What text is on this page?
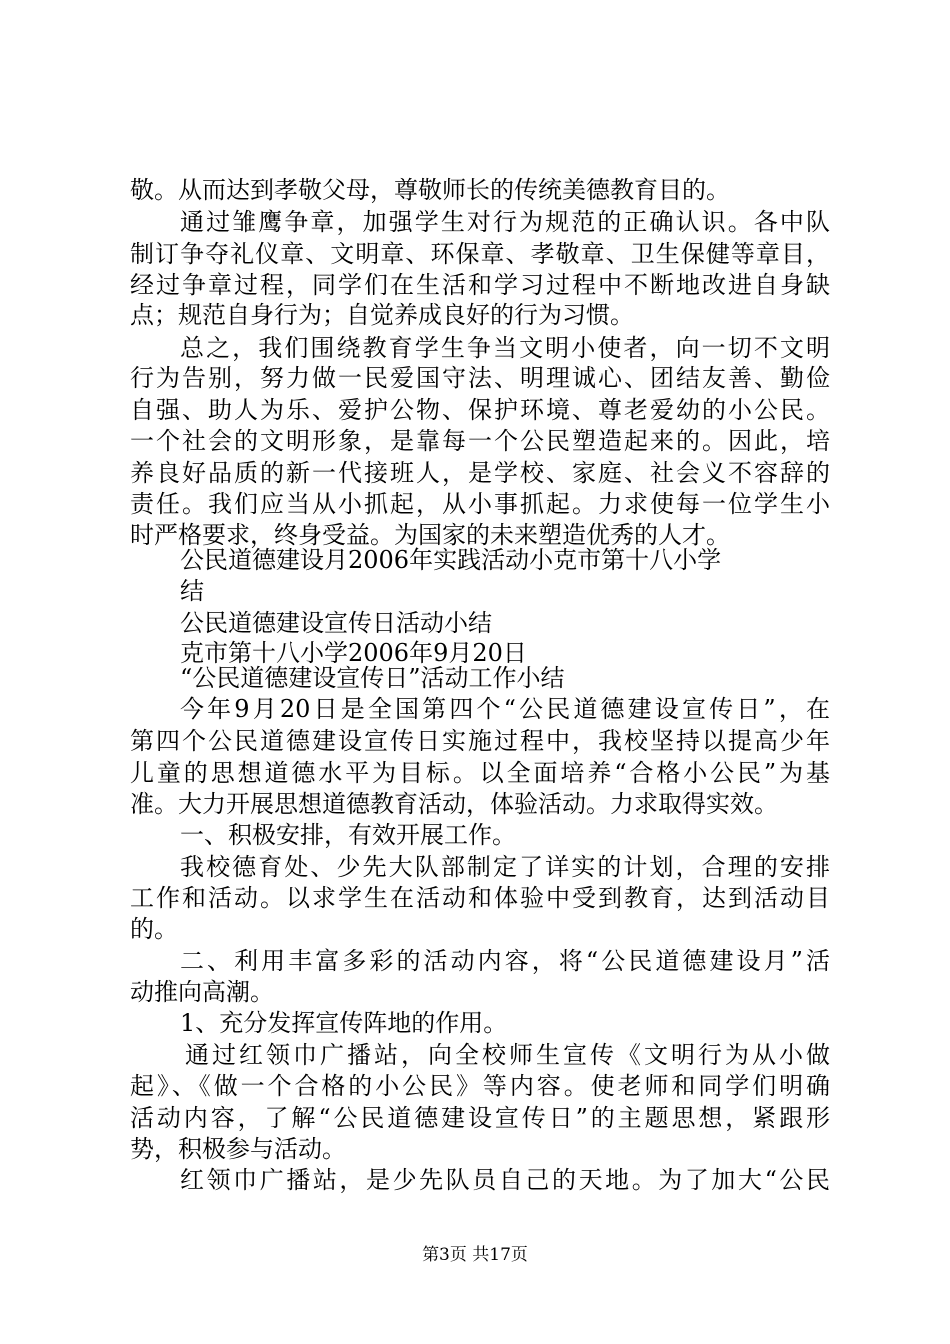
敬。从而达到孝敬父母，尊敬师长的传统美德教育目的。
通过雏鹰争章，加强学生对行为规范的正确认识。各中队
制订争夺礼仪章、文明章、环保章、孝敬章、卫生保健等章目，
经过争章过程，同学们在生活和学习过程中不断地改进自身缺
点；规范自身行为；自觉养成良好的行为习惯。
总之，我们围绕教育学生争当文明小使者，向一切不文明
行为告别，努力做一民爱国守法、明理诚心、团结友善、勤俭
自强、助人为乐、爱护公物、保护环境、尊老爱幼的小公民。
一个社会的文明形象，是靠每一个公民塑造起来的。因此，培
养良好品质的新一代接班人，是学校、家庭、社会义不容辞的
责任。我们应当从小抓起，从小事抓起。力求使每一位学生小
时严格要求，终身受益。为国家的未来塑造优秀的人才。
公民道德建设月2006年实践活动小克市第十八小学
结
公民道德建设宣传日活动小结
克市第十八小学2006年9月20日
“公民道德建设宣传日”活动工作小结
今年9月20日是全国第四个“公民道德建设宣传日”，在
第四个公民道德建设宣传日实施过程中，我校坚持以提高少年
儿童的思想道德水平为目标。以全面培养“合格小公民”为基
准。大力开展思想道德教育活动，体验活动。力求取得实效。
一、积极安排，有效开展工作。
我校德育处、少先大队部制定了详实的计划，合理的安排
工作和活动。以求学生在活动和体验中受到教育，达到活动目
的。
二、利用丰富多彩的活动内容，将“公民道德建设月”活
动推向高潮。
1、充分发挥宣传阵地的作用。
通过红领巾广播站，向全校师生宣传《文明行为从小做
起》、《做一个合格的小公民》等内容。使老师和同学们明确
活动内容，了解“公民道德建设宣传日”的主题思想，紧跟形
势，积极参与活动。
红领巾广播站，是少先队员自己的天地。为了加大“公民
第3页 共17页
